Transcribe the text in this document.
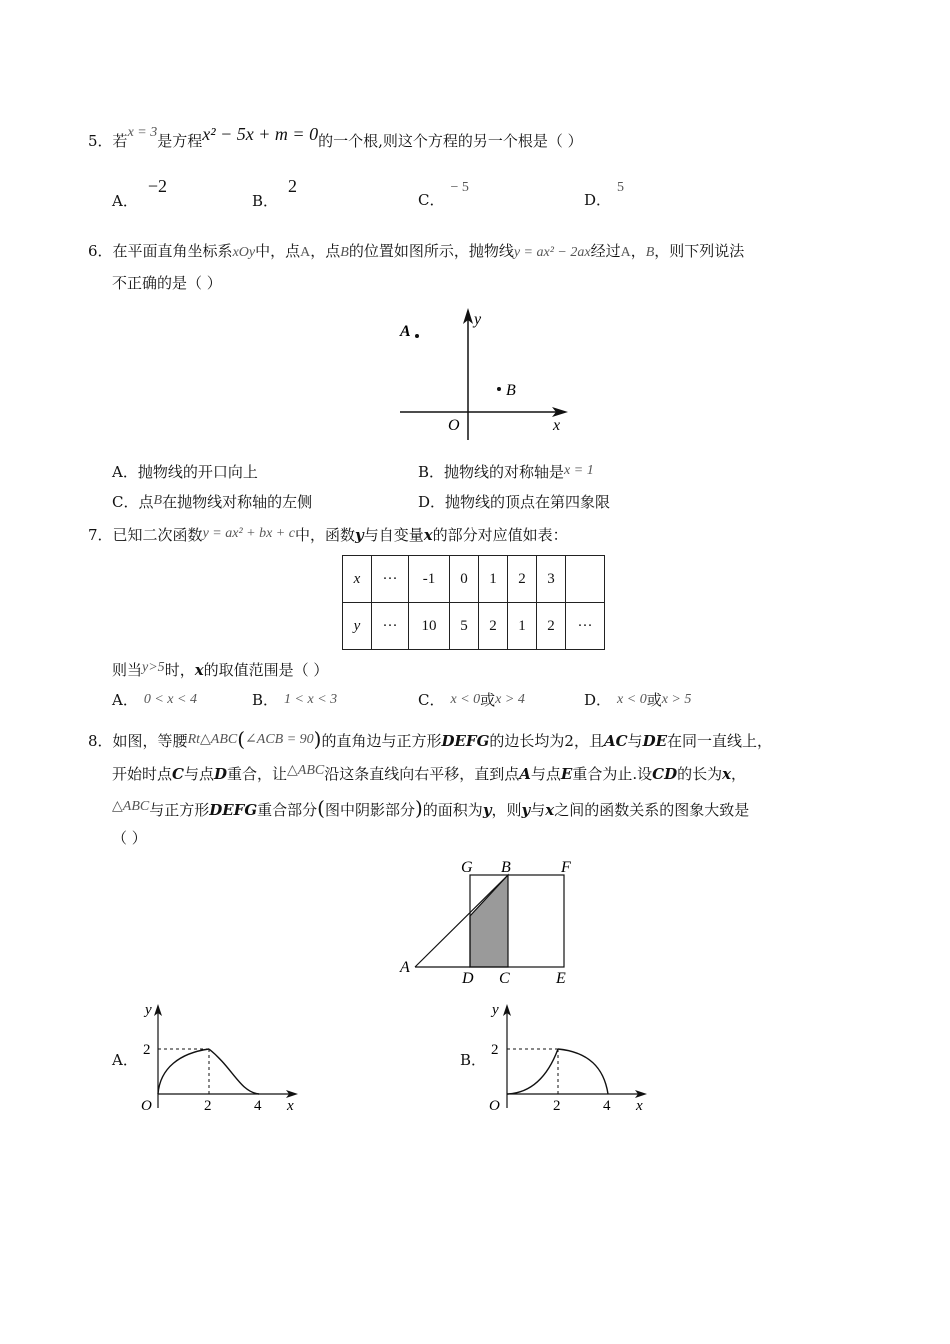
5．若x = 3是方程x² − 5x + m = 0的一个根,则这个方程的另一个根是（ ）
A．−2
B．2
C．− 5
D．5
6．在平面直角坐标系xOy中，点A，点B的位置如图所示，抛物线y = ax² − 2ax经过A，B，则下列说法
不正确的是（ ）
y
x
O
A
B
A．抛物线的开口向上	B．抛物线的对称轴是x = 1
C．点B在抛物线对称轴的左侧	D．抛物线的顶点在第四象限
7．已知二次函数y = ax² + bx + c中，函数y与自变量x的部分对应值如表：
x	···	-1	0	1	2	3	
y	···	10	5	2	1	2	···
则当y>5时，x的取值范围是（ ）
A． 0 < x < 4	B． 1 < x < 3	C． x < 0或x > 4	D． x < 0或x > 5
8．如图，等腰Rt△ABC(∠ACB = 90)的直角边与正方形DEFG的边长均为2，且AC与DE在同一直线上，
开始时点C与点D重合，让△ABC沿这条直线向右平移，直到点A与点E重合为止.设CD的长为x，
△ABC与正方形DEFG重合部分(图中阴影部分)的面积为y，则y与x之间的函数关系的图象大致是
（ ）
G B	F
A
D C	E
A．
y
2
O	2	4 x
B．
y
2
O	2	4 x
